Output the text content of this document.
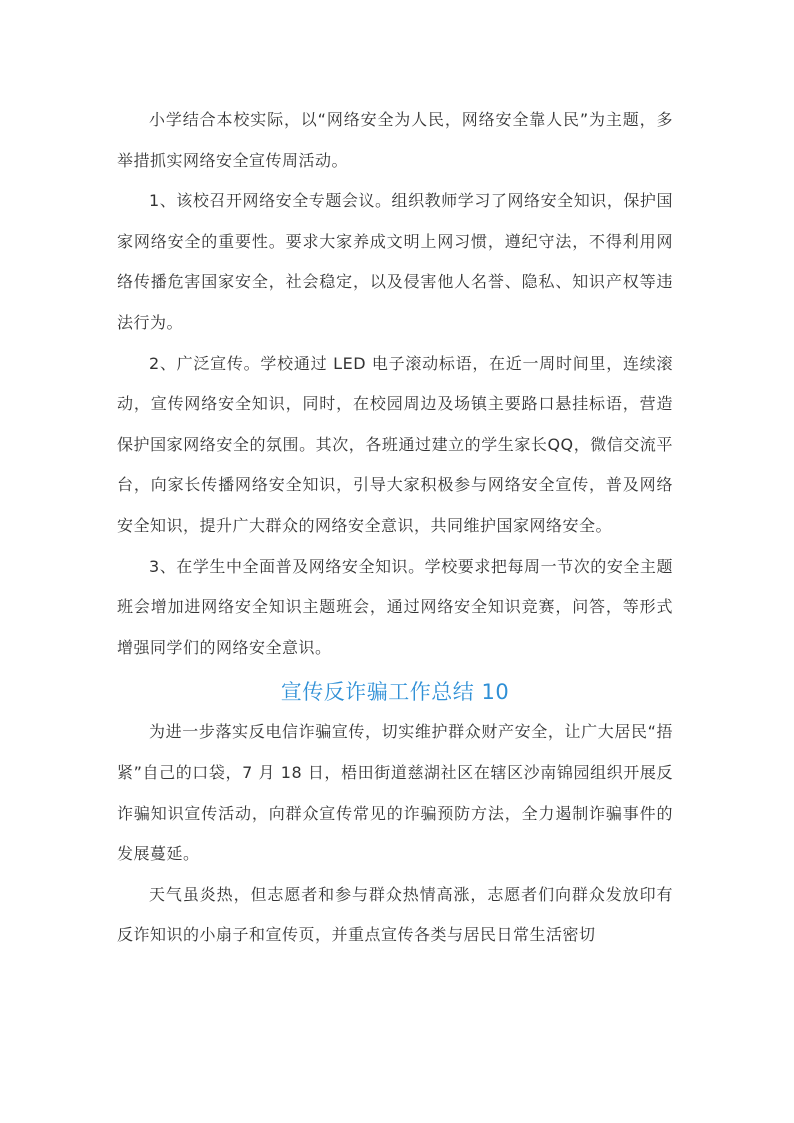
小学结合本校实际，以“网络安全为人民，网络安全靠人民”为主题，多举措抓实网络安全宣传周活动。

1、该校召开网络安全专题会议。组织教师学习了网络安全知识，保护国家网络安全的重要性。要求大家养成文明上网习惯，遵纪守法，不得利用网络传播危害国家安全，社会稳定，以及侵害他人名誉、隐私、知识产权等违法行为。

2、广泛宣传。学校通过 LED 电子滚动标语，在近一周时间里，连续滚动，宣传网络安全知识，同时，在校园周边及场镇主要路口悬挂标语，营造保护国家网络安全的氛围。其次，各班通过建立的学生家长QQ，微信交流平台，向家长传播网络安全知识，引导大家积极参与网络安全宣传，普及网络安全知识，提升广大群众的网络安全意识，共同维护国家网络安全。

3、在学生中全面普及网络安全知识。学校要求把每周一节次的安全主题班会增加进网络安全知识主题班会，通过网络安全知识竞赛，问答，等形式增强同学们的网络安全意识。

宣传反诈骗工作总结 10

为进一步落实反电信诈骗宣传，切实维护群众财产安全，让广大居民“捂紧”自己的口袋，7 月 18 日，梧田街道慈湖社区在辖区沙南锦园组织开展反诈骗知识宣传活动，向群众宣传常见的诈骗预防方法，全力遏制诈骗事件的发展蔓延。

天气虽炎热，但志愿者和参与群众热情高涨，志愿者们向群众发放印有反诈知识的小扇子和宣传页，并重点宣传各类与居民日常生活密切
